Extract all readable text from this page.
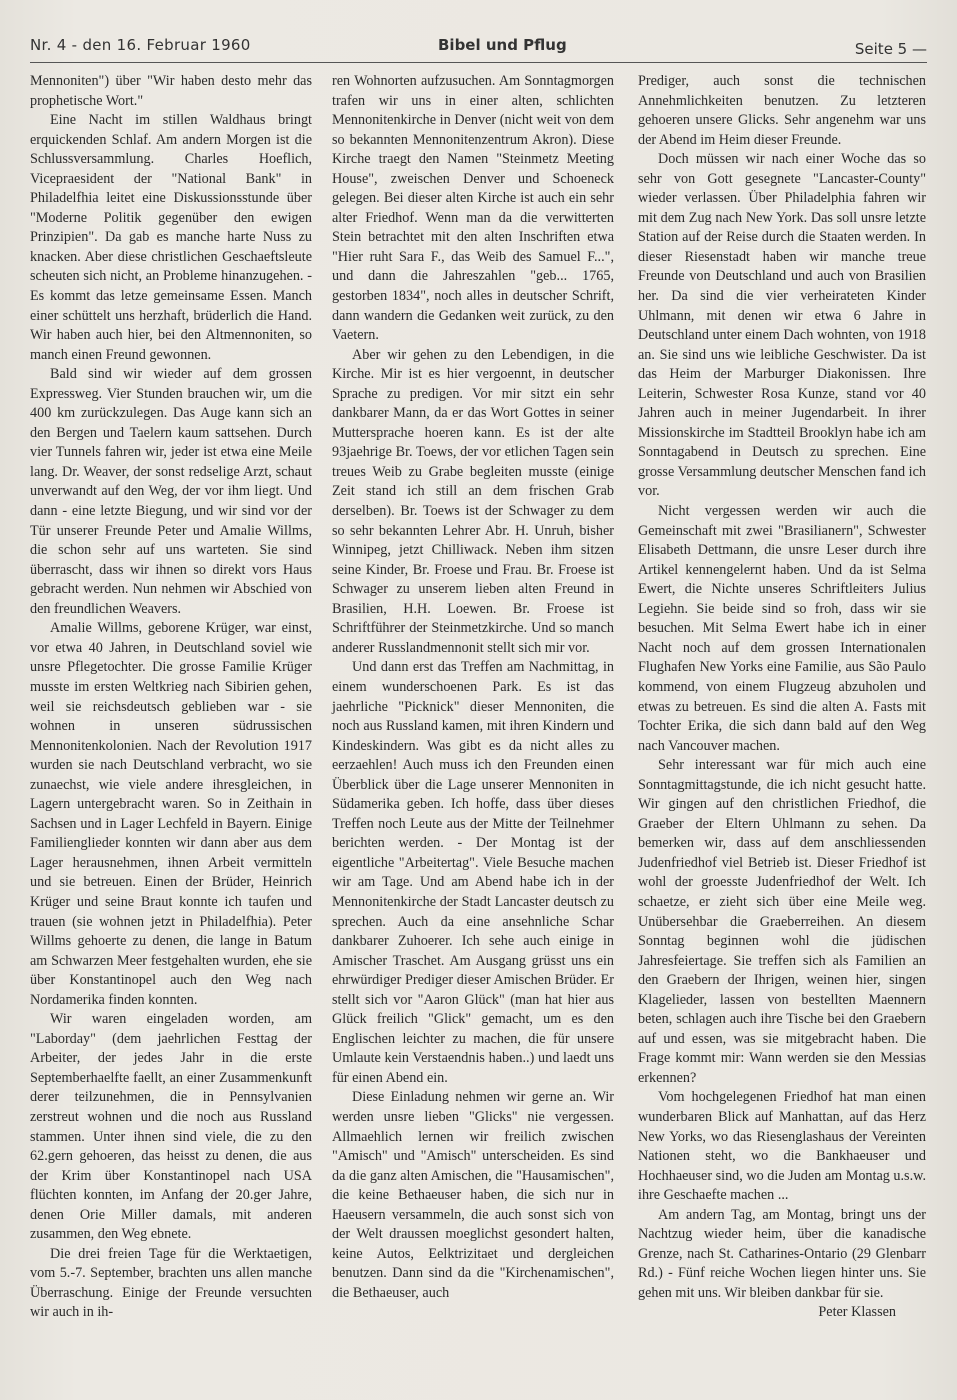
Nr. 4 - den 16. Februar 1960	Bibel und Pflug	Seite 5 —

Mennoniten") über "Wir haben desto mehr das prophetische Wort."

Eine Nacht im stillen Waldhaus bringt erquickenden Schlaf. Am andern Morgen ist die Schlussversammlung. Charles Hoeflich, Vicepraesident der "National Bank" in Philadelfhia leitet eine Diskussionsstunde über "Moderne Politik gegenüber den ewigen Prinzipien". Da gab es manche harte Nuss zu knacken. Aber diese christlichen Geschaeftsleute scheuten sich nicht, an Probleme hinanzugehen. - Es kommt das letze gemeinsame Essen. Manch einer schüttelt uns herzhaft, brüderlich die Hand. Wir haben auch hier, bei den Altmennoniten, so manch einen Freund gewonnen.

Bald sind wir wieder auf dem grossen Expressweg. Vier Stunden brauchen wir, um die 400 km zurückzulegen. Das Auge kann sich an den Bergen und Taelern kaum sattsehen. Durch vier Tunnels fahren wir, jeder ist etwa eine Meile lang. Dr. Weaver, der sonst redselige Arzt, schaut unverwandt auf den Weg, der vor ihm liegt. Und dann - eine letzte Biegung, und wir sind vor der Tür unserer Freunde Peter und Amalie Willms, die schon sehr auf uns warteten. Sie sind überrascht, dass wir ihnen so direkt vors Haus gebracht werden. Nun nehmen wir Abschied von den freundlichen Weavers.

Amalie Willms, geborene Krüger, war einst, vor etwa 40 Jahren, in Deutschland soviel wie unsre Pflegetochter. Die grosse Familie Krüger musste im ersten Weltkrieg nach Sibirien gehen, weil sie reichsdeutsch geblieben war - sie wohnen in unseren südrussischen Mennonitenkolonien. Nach der Revolution 1917 wurden sie nach Deutschland verbracht, wo sie zunaechst, wie viele andere ihresgleichen, in Lagern untergebracht waren. So in Zeithain in Sachsen und in Lager Lechfeld in Bayern. Einige Familienglieder konnten wir dann aber aus dem Lager herausnehmen, ihnen Arbeit vermitteln und sie betreuen. Einen der Brüder, Heinrich Krüger und seine Braut konnte ich taufen und trauen (sie wohnen jetzt in Philadelfhia). Peter Willms gehoerte zu denen, die lange in Batum am Schwarzen Meer festgehalten wurden, ehe sie über Konstantinopel auch den Weg nach Nordamerika finden konnten.

Wir waren eingeladen worden, am "Laborday" (dem jaehrlichen Festtag der Arbeiter, der jedes Jahr in die erste Septemberhaelfte faellt, an einer Zusammenkunft derer teilzunehmen, die in Pennsylvanien zerstreut wohnen und die noch aus Russland stammen. Unter ihnen sind viele, die zu den 62.gern gehoeren, das heisst zu denen, die aus der Krim über Konstantinopel nach USA flüchten konnten, im Anfang der 20.ger Jahre, denen Orie Miller damals, mit anderen zusammen, den Weg ebnete.

Die drei freien Tage für die Werktaetigen, vom 5.-7. September, brachten uns allen manche Überraschung. Einige der Freunde versuchten wir auch in ih-

ren Wohnorten aufzusuchen. Am Sonntagmorgen trafen wir uns in einer alten, schlichten Mennonitenkirche in Denver (nicht weit von dem so bekannten Mennonitenzentrum Akron). Diese Kirche traegt den Namen "Steinmetz Meeting House", zweischen Denver und Schoeneck gelegen. Bei dieser alten Kirche ist auch ein sehr alter Friedhof. Wenn man da die verwitterten Stein betrachtet mit den alten Inschriften etwa "Hier ruht Sara F., das Weib des Samuel F...", und dann die Jahreszahlen "geb... 1765, gestorben 1834", noch alles in deutscher Schrift, dann wandern die Gedanken weit zurück, zu den Vaetern.

Aber wir gehen zu den Lebendigen, in die Kirche. Mir ist es hier vergoennt, in deutscher Sprache zu predigen. Vor mir sitzt ein sehr dankbarer Mann, da er das Wort Gottes in seiner Muttersprache hoeren kann. Es ist der alte 93jaehrige Br. Toews, der vor etlichen Tagen sein treues Weib zu Grabe begleiten musste (einige Zeit stand ich still an dem frischen Grab derselben). Br. Toews ist der Schwager zu dem so sehr bekannten Lehrer Abr. H. Unruh, bisher Winnipeg, jetzt Chilliwack. Neben ihm sitzen seine Kinder, Br. Froese und Frau. Br. Froese ist Schwager zu unserem lieben alten Freund in Brasilien, H.H. Loewen. Br. Froese ist Schriftführer der Steinmetzkirche. Und so manch anderer Russlandmennonit stellt sich mir vor.

Und dann erst das Treffen am Nachmittag, in einem wunderschoenen Park. Es ist das jaehrliche "Picknick" dieser Mennoniten, die noch aus Russland kamen, mit ihren Kindern und Kindeskindern. Was gibt es da nicht alles zu eerzaehlen! Auch muss ich den Freunden einen Überblick über die Lage unserer Mennoniten in Südamerika geben. Ich hoffe, dass über dieses Treffen noch Leute aus der Mitte der Teilnehmer berichten werden. - Der Montag ist der eigentliche "Arbeitertag". Viele Besuche machen wir am Tage. Und am Abend habe ich in der Mennonitenkirche der Stadt Lancaster deutsch zu sprechen. Auch da eine ansehnliche Schar dankbarer Zuhoerer. Ich sehe auch einige in Amischer Traschet. Am Ausgang grüsst uns ein ehrwürdiger Prediger dieser Amischen Brüder. Er stellt sich vor "Aaron Glück" (man hat hier aus Glück freilich "Glick" gemacht, um es den Englischen leichter zu machen, die für unsere Umlaute kein Verstaendnis haben..) und laedt uns für einen Abend ein.

Diese Einladung nehmen wir gerne an. Wir werden unsre lieben "Glicks" nie vergessen. Allmaehlich lernen wir freilich zwischen "Amisch" und "Amisch" unterscheiden. Es sind da die ganz alten Amischen, die "Hausamischen", die keine Bethaeuser haben, die sich nur in Haeusern versammeln, die auch sonst sich von der Welt draussen moeglichst gesondert halten, keine Autos, Eelktrizitaet und dergleichen benutzen. Dann sind da die "Kirchenamischen", die Bethaeuser, auch

Prediger, auch sonst die technischen Annehmlichkeiten benutzen. Zu letzteren gehoeren unsere Glicks. Sehr angenehm war uns der Abend im Heim dieser Freunde.

Doch müssen wir nach einer Woche das so sehr von Gott gesegnete "Lancaster-County" wieder verlassen. Über Philadelphia fahren wir mit dem Zug nach New York. Das soll unsre letzte Station auf der Reise durch die Staaten werden. In dieser Riesenstadt haben wir manche treue Freunde von Deutschland und auch von Brasilien her. Da sind die vier verheirateten Kinder Uhlmann, mit denen wir etwa 6 Jahre in Deutschland unter einem Dach wohnten, von 1918 an. Sie sind uns wie leibliche Geschwister. Da ist das Heim der Marburger Diakonissen. Ihre Leiterin, Schwester Rosa Kunze, stand vor 40 Jahren auch in meiner Jugendarbeit. In ihrer Missionskirche im Stadtteil Brooklyn habe ich am Sonntagabend in Deutsch zu sprechen. Eine grosse Versammlung deutscher Menschen fand ich vor.

Nicht vergessen werden wir auch die Gemeinschaft mit zwei "Brasilianern", Schwester Elisabeth Dettmann, die unsre Leser durch ihre Artikel kennengelernt haben. Und da ist Selma Ewert, die Nichte unseres Schriftleiters Julius Legiehn. Sie beide sind so froh, dass wir sie besuchen. Mit Selma Ewert habe ich in einer Nacht noch auf dem grossen Internationalen Flughafen New Yorks eine Familie, aus São Paulo kommend, von einem Flugzeug abzuholen und etwas zu betreuen. Es sind die alten A. Fasts mit Tochter Erika, die sich dann bald auf den Weg nach Vancouver machen.

Sehr interessant war für mich auch eine Sonntagmittagstunde, die ich nicht gesucht hatte. Wir gingen auf den christlichen Friedhof, die Graeber der Eltern Uhlmann zu sehen. Da bemerken wir, dass auf dem anschliessenden Judenfriedhof viel Betrieb ist. Dieser Friedhof ist wohl der groesste Judenfriedhof der Welt. Ich schaetze, er zieht sich über eine Meile weg. Unübersehbar die Graeberreihen. An diesem Sonntag beginnen wohl die jüdischen Jahresfeiertage. Sie treffen sich als Familien an den Graebern der Ihrigen, weinen hier, singen Klagelieder, lassen von bestellten Maennern beten, schlagen auch ihre Tische bei den Graebern auf und essen, was sie mitgebracht haben. Die Frage kommt mir: Wann werden sie den Messias erkennen?

Vom hochgelegenen Friedhof hat man einen wunderbaren Blick auf Manhattan, auf das Herz New Yorks, wo das Riesenglashaus der Vereinten Nationen steht, wo die Bankhaeuser und Hochhaeuser sind, wo die Juden am Montag u.s.w. ihre Geschaefte machen ...

Am andern Tag, am Montag, bringt uns der Nachtzug wieder heim, über die kanadische Grenze, nach St. Catharines-Ontario (29 Glenbarr Rd.) - Fünf reiche Wochen liegen hinter uns. Sie gehen mit uns. Wir bleiben dankbar für sie.

Peter Klassen
